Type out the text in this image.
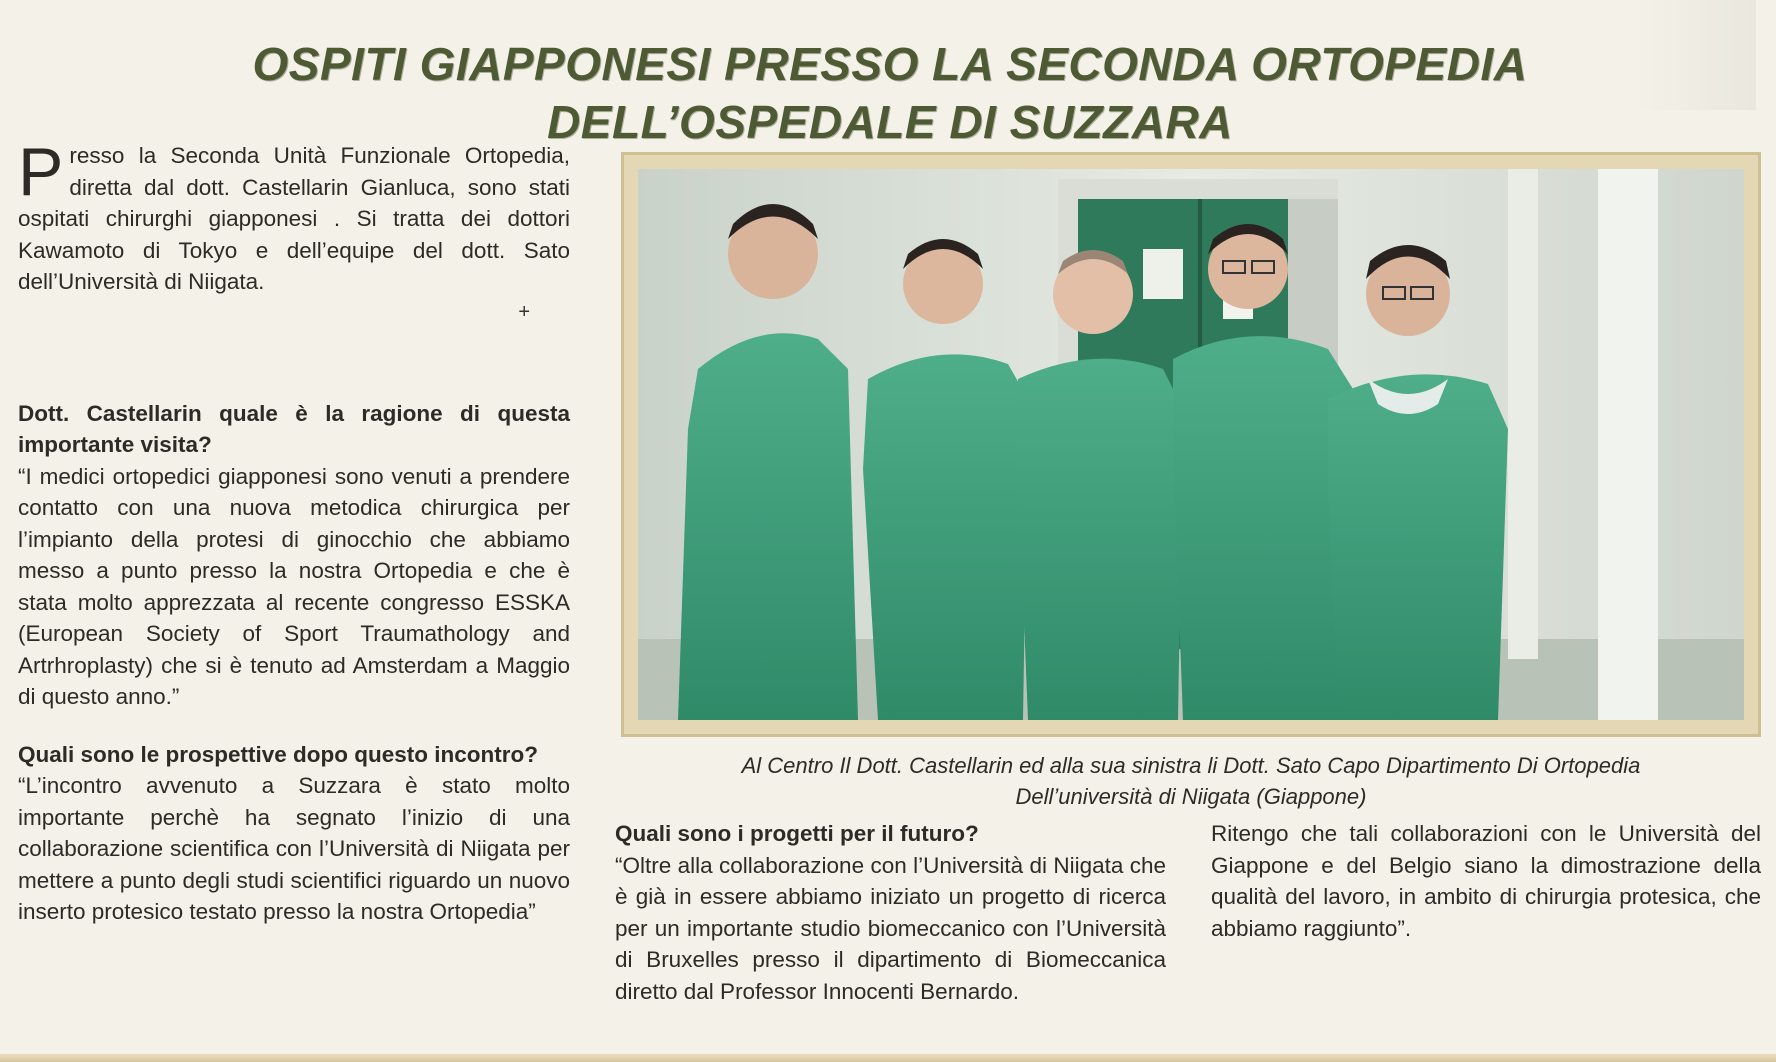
OSPITI GIAPPONESI PRESSO LA SECONDA ORTOPEDIA
DELL’OSPEDALE DI SUZZARA

Presso la Seconda Unità Funzionale Ortopedia, diretta dal dott. Castellarin Gianluca, sono stati ospitati chirurghi giapponesi . Si tratta dei dottori Kawamoto di Tokyo e dell’equipe del dott. Sato dell’Università di Niigata.

+

Dott. Castellarin quale è la ragione di questa importante visita?

“I medici ortopedici giapponesi sono venuti a prendere contatto con una nuova metodica chirurgica per l’impianto della protesi di ginocchio che abbiamo messo a punto presso la nostra Ortopedia e che è stata molto apprezzata al recente congresso ESSKA (European Society of Sport Traumathology and Artrhroplasty) che si è tenuto ad Amsterdam a Maggio di questo anno.”

Quali sono le prospettive dopo questo incontro?

“L’incontro avvenuto a Suzzara è stato molto importante perchè ha segnato l’inizio di una collaborazione scientifica con l’Università di Niigata per mettere a punto degli studi scientifici riguardo un nuovo inserto protesico testato presso la nostra Ortopedia”

Al Centro Il Dott. Castellarin ed alla sua sinistra li Dott. Sato Capo Dipartimento Di Ortopedia
Dell’università di Niigata (Giappone)

Quali sono i progetti per il futuro?

“Oltre alla collaborazione con l’Università di Niigata che è già in essere abbiamo iniziato un progetto di ricerca per un importante studio biomeccanico con l’Università di Bruxelles presso il dipartimento di Biomeccanica diretto dal Professor Innocenti Bernardo.

Ritengo che tali collaborazioni con le Università del Giappone e del Belgio siano la dimostrazione della qualità del lavoro, in ambito di chirurgia protesica, che abbiamo raggiunto”.
